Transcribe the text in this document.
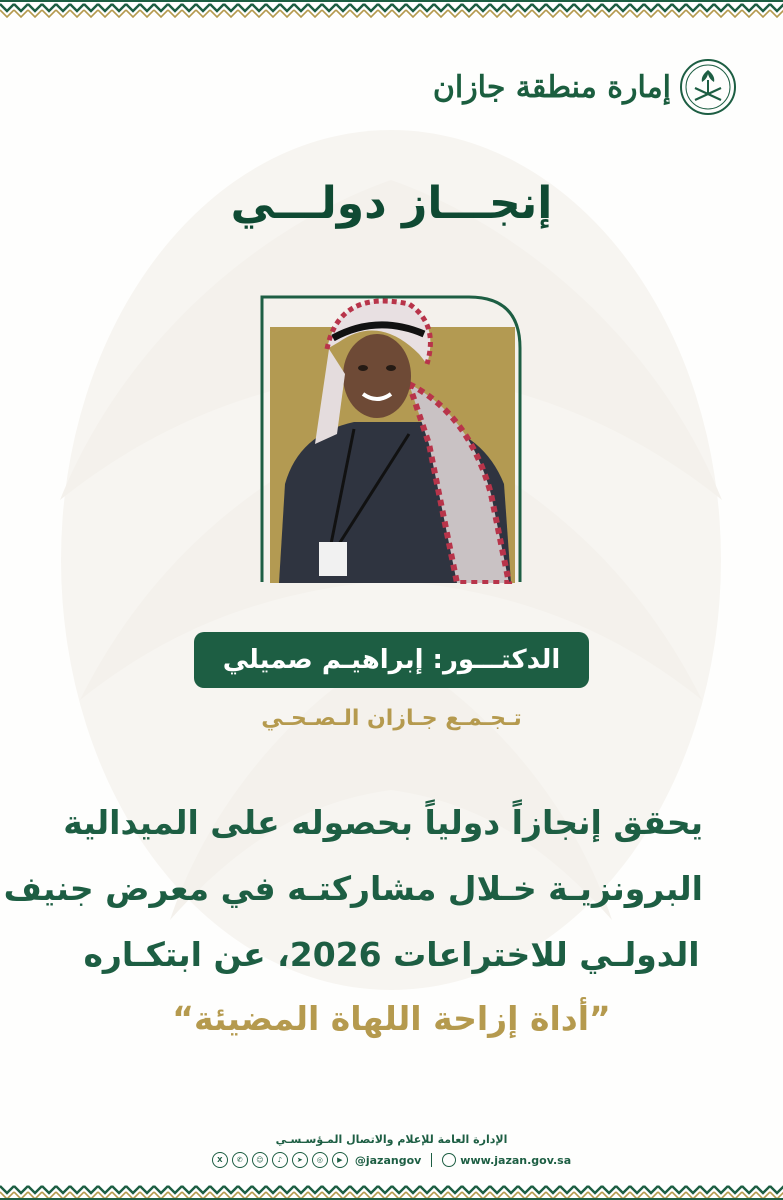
إمارة منطقة جازان
إنجـــاز دولـــي
الدكتـــور: إبراهيـم صميلي
تـجـمـع جـازان الـصـحـي
يحقق إنجازاً دولياً بحصوله على الميدالية
البرونزيـة خـلال مشاركتـه في معرض جنيف
الدولـي للاختراعات 2026، عن ابتكـاره
”أداة إزاحة اللهاة المضيئة“
الإدارة العامة للإعلام والاتصال المـؤسـسـي
X	✆	☺	♪	➤	◎	▶	@jazangov	www.jazan.gov.sa
